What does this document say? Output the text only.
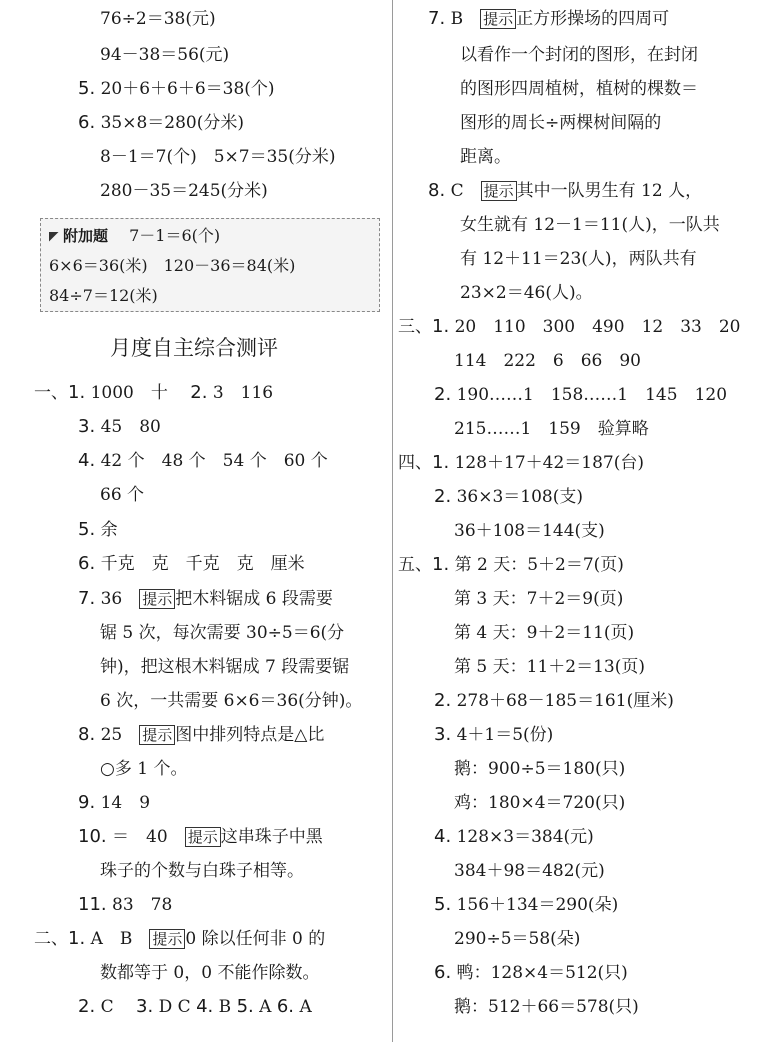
76÷2＝38(元)
94－38＝56(元)
5. 20＋6＋6＋6＝38(个)
6. 35×8＝280(分米)
8－1＝7(个)　5×7＝35(分米)
280－35＝245(分米)
附加题　 7－1＝6(个)
6×6＝36(米)　120－36＝84(米)
84÷7＝12(米)
月度自主综合测评
一、1. 1000　十　 2. 3　116
3. 45　80
4. 42 个　48 个　54 个　60 个
66 个
5. 余
6. 千克　克　千克　克　厘米
7. 36　提示 把木料锯成 6 段需要
锯 5 次，每次需要 30÷5＝6(分
钟)，把这根木料锯成 7 段需要锯
6 次，一共需要 6×6＝36(分钟)。
8. 25　提示 图中排列特点是△比
○多 1 个。
9. 14　9
10. ＝　40　提示 这串珠子中黑
珠子的个数与白珠子相等。
11. 83　78
二、1. A　B　提示 0 除以任何非 0 的
数都等于 0，0 不能作除数。
2. C　 3. D C 4. B 5. A 6. A
7. B　提示 正方形操场的四周可
以看作一个封闭的图形，在封闭
的图形四周植树，植树的棵数＝
图形的周长÷两棵树间隔的
距离。
8. C　提示 其中一队男生有 12 人，
女生就有 12－1＝11(人)，一队共
有 12＋11＝23(人)，两队共有
23×2＝46(人)。
三、1. 20　110　300　490　12　33　20
114　222　6　66　90
2. 190……1　158……1　145　120
215……1　159　验算略
四、1. 128＋17＋42＝187(台)
2. 36×3＝108(支)
36＋108＝144(支)
五、1. 第 2 天：5＋2＝7(页)
第 3 天：7＋2＝9(页)
第 4 天：9＋2＝11(页)
第 5 天：11＋2＝13(页)
2. 278＋68－185＝161(厘米)
3. 4＋1＝5(份)
鹅：900÷5＝180(只)
鸡：180×4＝720(只)
4. 128×3＝384(元)
384＋98＝482(元)
5. 156＋134＝290(朵)
290÷5＝58(朵)
6. 鸭：128×4＝512(只)
鹅：512＋66＝578(只)
